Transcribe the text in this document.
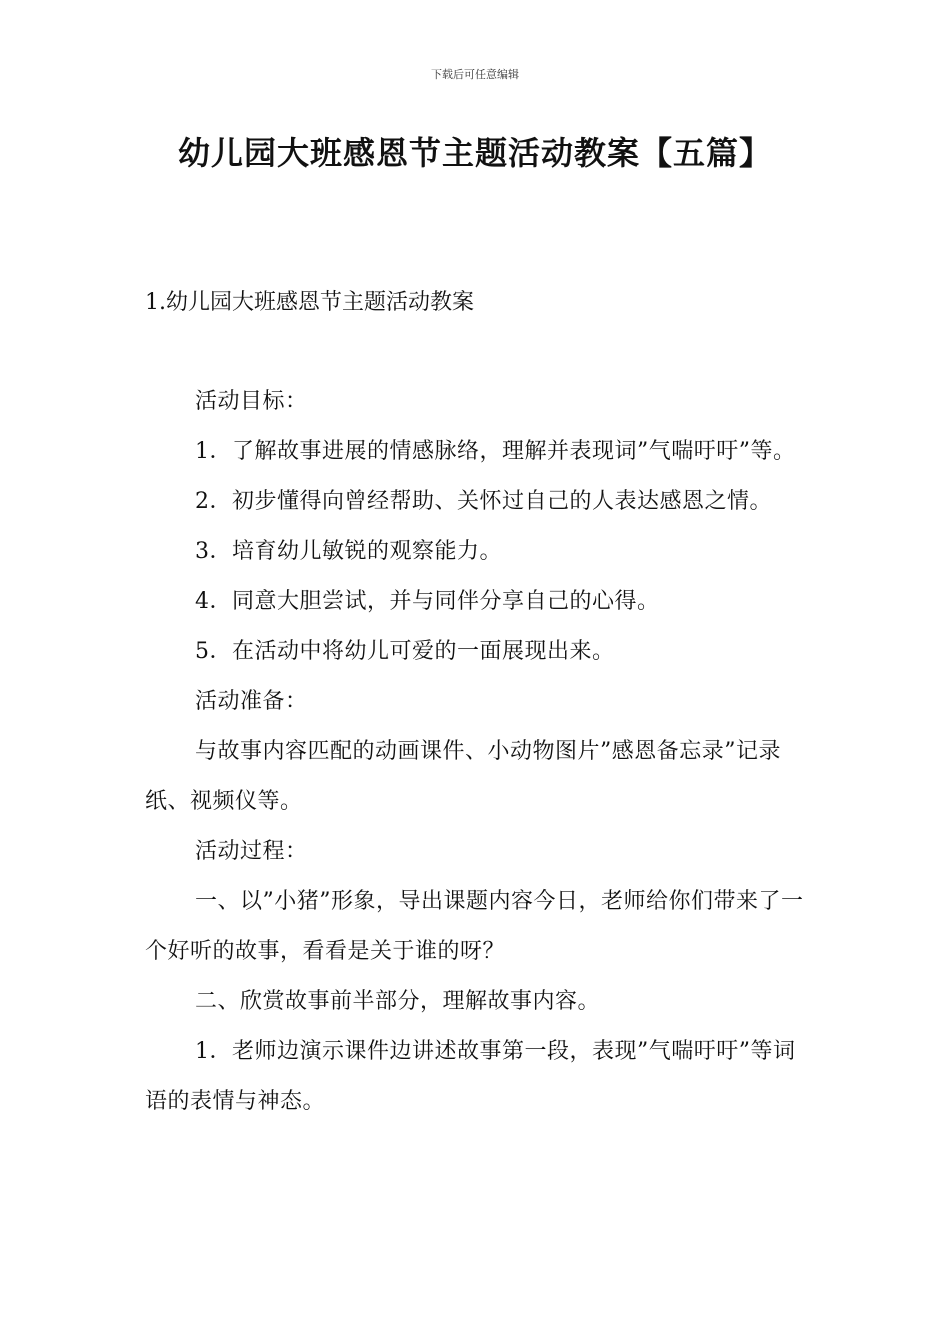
下载后可任意编辑
幼儿园大班感恩节主题活动教案【五篇】
1.幼儿园大班感恩节主题活动教案

活动目标：

1．了解故事进展的情感脉络，理解并表现词”气喘吁吁”等。

2．初步懂得向曾经帮助、关怀过自己的人表达感恩之情。

3．培育幼儿敏锐的观察能力。

4．同意大胆尝试，并与同伴分享自己的心得。

5．在活动中将幼儿可爱的一面展现出来。

活动准备：

与故事内容匹配的动画课件、小动物图片”感恩备忘录”记录纸、视频仪等。

活动过程：

一、以”小猪”形象，导出课题内容今日，老师给你们带来了一个好听的故事，看看是关于谁的呀？

二、欣赏故事前半部分，理解故事内容。

1．老师边演示课件边讲述故事第一段，表现”气喘吁吁”等词语的表情与神态。
